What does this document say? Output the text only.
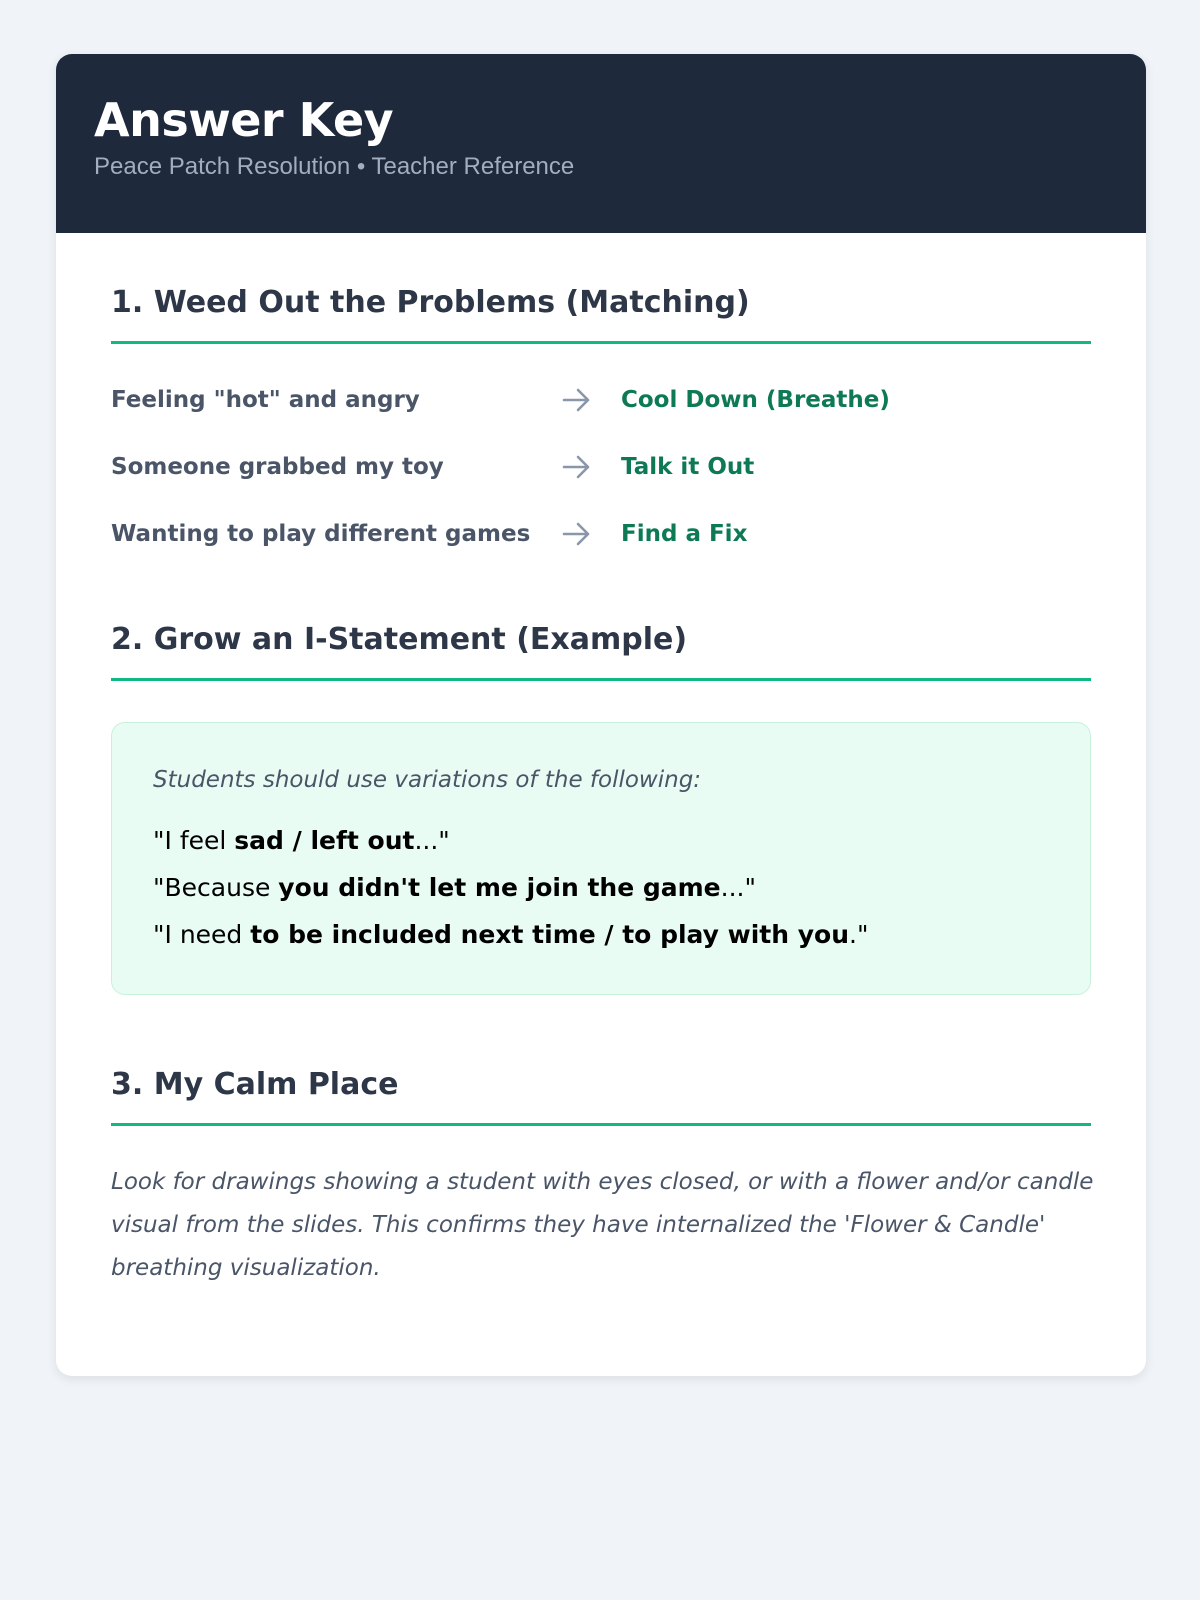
Answer Key
Peace Patch Resolution • Teacher Reference
1. Weed Out the Problems (Matching)
Feeling "hot" and angry	Cool Down (Breathe)
Someone grabbed my toy	Talk it Out
Wanting to play different games	Find a Fix
2. Grow an I-Statement (Example)

Students should use variations of the following:

"I feel sad / left out..."
"Because you didn't let me join the game..."
"I need to be included next time / to play with you."
3. My Calm Place

Look for drawings showing a student with eyes closed, or with a flower and/or candle visual from the slides. This confirms they have internalized the 'Flower & Candle' breathing visualization.
